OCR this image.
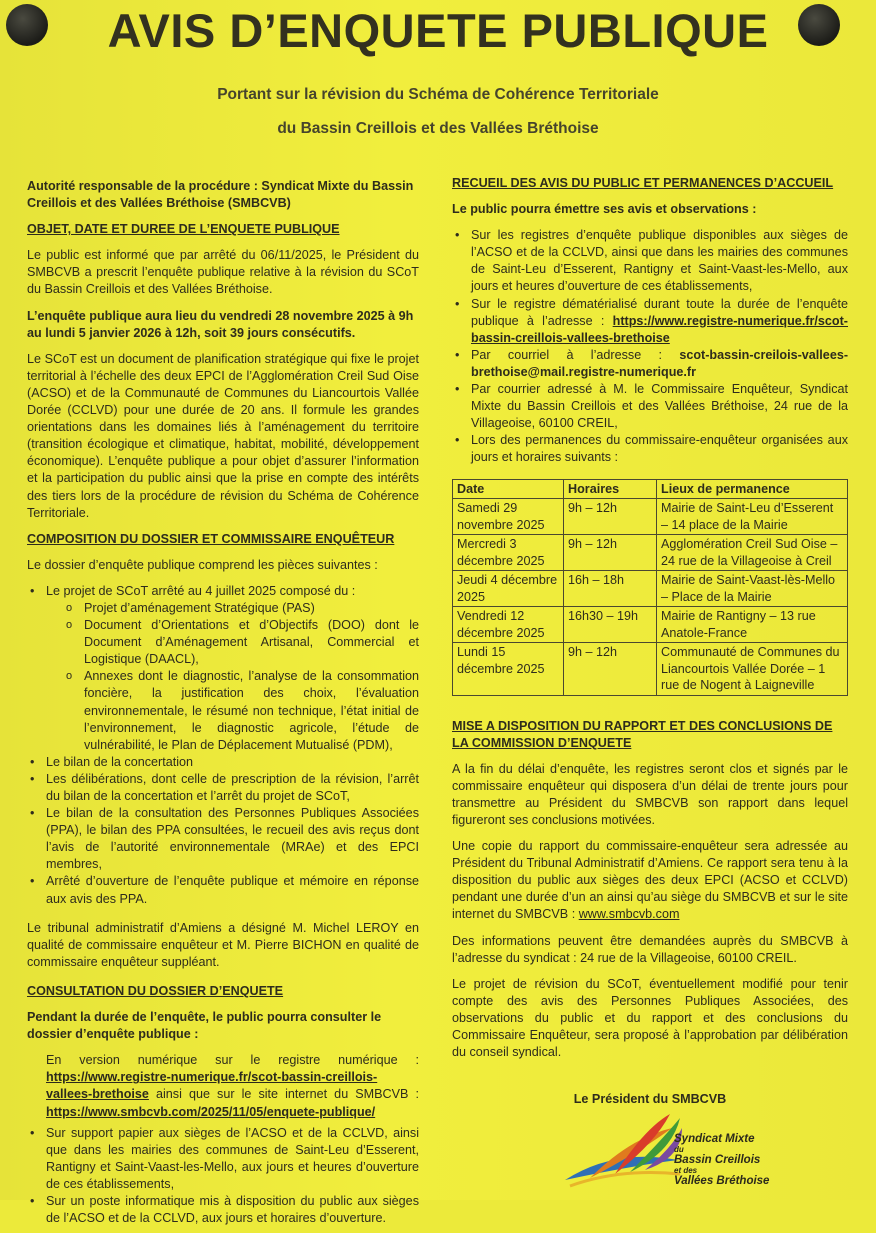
AVIS D’ENQUETE PUBLIQUE
Portant sur la révision du Schéma de Cohérence Territoriale
du Bassin Creillois et des Vallées Bréthoise

Autorité responsable de la procédure : Syndicat Mixte du Bassin Creillois et des Vallées Bréthoise (SMBCVB)

OBJET, DATE ET DUREE DE L’ENQUETE PUBLIQUE

Le public est informé que par arrêté du 06/11/2025, le Président du SMBCVB a prescrit l’enquête publique relative à la révision du SCoT du Bassin Creillois et des Vallées Bréthoise.

L’enquête publique aura lieu du vendredi 28 novembre 2025 à 9h au lundi 5 janvier 2026 à 12h, soit 39 jours consécutifs.

Le SCoT est un document de planification stratégique qui fixe le projet territorial à l’échelle des deux EPCI de l’Agglomération Creil Sud Oise (ACSO) et de la Communauté de Communes du Liancourtois Vallée Dorée (CCLVD) pour une durée de 20 ans. Il formule les grandes orientations dans les domaines liés à l’aménagement du territoire (transition écologique et climatique, habitat, mobilité, développement économique). L’enquête publique a pour objet d’assurer l’information et la participation du public ainsi que la prise en compte des intérêts des tiers lors de la procédure de révision du Schéma de Cohérence Territoriale.

COMPOSITION DU DOSSIER ET COMMISSAIRE ENQUÊTEUR

Le dossier d’enquête publique comprend les pièces suivantes :

• Le projet de SCoT arrêté au 4 juillet 2025 composé du :
o Projet d’aménagement Stratégique (PAS)
o Document d’Orientations et d’Objectifs (DOO) dont le Document d’Aménagement Artisanal, Commercial et Logistique (DAACL),
o Annexes dont le diagnostic, l’analyse de la consommation foncière, la justification des choix, l’évaluation environnementale, le résumé non technique, l’état initial de l’environnement, le diagnostic agricole, l’étude de vulnérabilité, le Plan de Déplacement Mutualisé (PDM),
• Le bilan de la concertation
• Les délibérations, dont celle de prescription de la révision, l’arrêt du bilan de la concertation et l’arrêt du projet de SCoT,
• Le bilan de la consultation des Personnes Publiques Associées (PPA), le bilan des PPA consultées, le recueil des avis reçus dont l’avis de l’autorité environnementale (MRAe) et des EPCI membres,
• Arrêté d’ouverture de l’enquête publique et mémoire en réponse aux avis des PPA.

Le tribunal administratif d’Amiens a désigné M. Michel LEROY en qualité de commissaire enquêteur et M. Pierre BICHON en qualité de commissaire enquêteur suppléant.

CONSULTATION DU DOSSIER D’ENQUETE

Pendant la durée de l’enquête, le public pourra consulter le dossier d’enquête publique :

En version numérique sur le registre numérique : https://www.registre-numerique.fr/scot-bassin-creillois-vallees-brethoise ainsi que sur le site internet du SMBCVB : https://www.smbcvb.com/2025/11/05/enquete-publique/

• Sur support papier aux sièges de l’ACSO et de la CCLVD, ainsi que dans les mairies des communes de Saint-Leu d’Esserent, Rantigny et Saint-Vaast-les-Mello, aux jours et heures d’ouverture de ces établissements,
• Sur un poste informatique mis à disposition du public aux sièges de l’ACSO et de la CCLVD, aux jours et horaires d’ouverture.
RECUEIL DES AVIS DU PUBLIC ET PERMANENCES D’ACCUEIL

Le public pourra émettre ses avis et observations :

• Sur les registres d’enquête publique disponibles aux sièges de l’ACSO et de la CCLVD, ainsi que dans les mairies des communes de Saint-Leu d’Esserent, Rantigny et Saint-Vaast-les-Mello, aux jours et heures d’ouverture de ces établissements,
• Sur le registre dématérialisé durant toute la durée de l’enquête publique à l’adresse : https://www.registre-numerique.fr/scot-bassin-creillois-vallees-brethoise
• Par courriel à l’adresse : scot-bassin-creilois-vallees-brethoise@mail.registre-numerique.fr
• Par courrier adressé à M. le Commissaire Enquêteur, Syndicat Mixte du Bassin Creillois et des Vallées Bréthoise, 24 rue de la Villageoise, 60100 CREIL,
• Lors des permanences du commissaire-enquêteur organisées aux jours et horaires suivants :
Date	Horaires	Lieux de permanence
Samedi 29 novembre 2025	9h – 12h	Mairie de Saint-Leu d’Esserent – 14 place de la Mairie
Mercredi 3 décembre 2025	9h – 12h	Agglomération Creil Sud Oise – 24 rue de la Villageoise à Creil
Jeudi 4 décembre 2025	16h – 18h	Mairie de Saint-Vaast-lès-Mello – Place de la Mairie
Vendredi 12 décembre 2025	16h30 – 19h	Mairie de Rantigny – 13 rue Anatole-France
Lundi 15 décembre 2025	9h – 12h	Communauté de Communes du Liancourtois Vallée Dorée – 1 rue de Nogent à Laigneville
MISE A DISPOSITION DU RAPPORT ET DES CONCLUSIONS DE LA COMMISSION D’ENQUETE

A la fin du délai d’enquête, les registres seront clos et signés par le commissaire enquêteur qui disposera d’un délai de trente jours pour transmettre au Président du SMBCVB son rapport dans lequel figureront ses conclusions motivées.

Une copie du rapport du commissaire-enquêteur sera adressée au Président du Tribunal Administratif d’Amiens. Ce rapport sera tenu à la disposition du public aux sièges des deux EPCI (ACSO et CCLVD) pendant une durée d’un an ainsi qu’au siège du SMBCVB et sur le site internet du SMBCVB : www.smbcvb.com

Des informations peuvent être demandées auprès du SMBCVB à l’adresse du syndicat : 24 rue de la Villageoise, 60100 CREIL.

Le projet de révision du SCoT, éventuellement modifié pour tenir compte des avis des Personnes Publiques Associées, des observations du public et du rapport et des conclusions du Commissaire Enquêteur, sera proposé à l’approbation par délibération du conseil syndical.

Le Président du SMBCVB
Syndicat Mixte
du
Bassin Creillois
et des
Vallées Bréthoise
